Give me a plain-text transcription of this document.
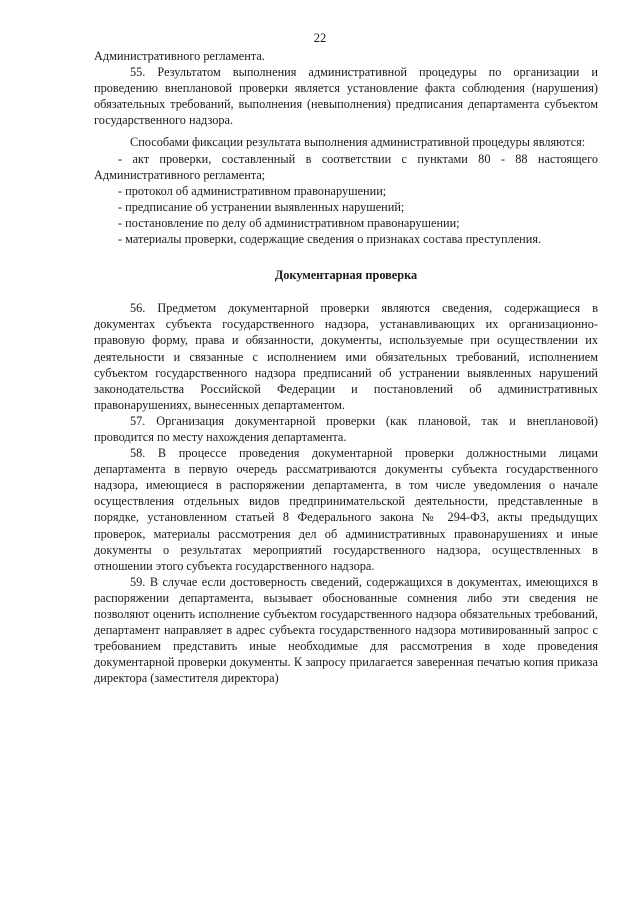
22

Административного регламента.

55. Результатом выполнения административной процедуры по организации и проведению внеплановой проверки является установление факта соблюдения (нарушения) обязательных требований, выполнения (невыполнения) предписания департамента субъектом государственного надзора.

Способами фиксации результата выполнения административной процедуры являются:

- акт проверки, составленный в соответствии с пунктами 80 - 88 настоящего Административного регламента;

- протокол об административном правонарушении;

- предписание об устранении выявленных нарушений;

- постановление по делу об административном правонарушении;

- материалы проверки, содержащие сведения о признаках состава преступления.

Документарная проверка

56. Предметом документарной проверки являются сведения, содержащиеся в документах субъекта государственного надзора, устанавливающих их организационно-правовую форму, права и обязанности, документы, используемые при осуществлении их деятельности и связанные с исполнением ими обязательных требований, исполнением субъектом государственного надзора предписаний об устранении выявленных нарушений законодательства Российской Федерации и постановлений об административных правонарушениях, вынесенных департаментом.

57. Организация документарной проверки (как плановой, так и внеплановой) проводится по месту нахождения департамента.

58. В процессе проведения документарной проверки должностными лицами департамента в первую очередь рассматриваются документы субъекта государственного надзора, имеющиеся в распоряжении департамента, в том числе уведомления о начале осуществления отдельных видов предпринимательской деятельности, представленные в порядке, установленном статьей 8 Федерального закона № 294-ФЗ, акты предыдущих проверок, материалы рассмотрения дел об административных правонарушениях и иные документы о результатах мероприятий государственного надзора, осуществленных в отношении этого субъекта государственного надзора.

59. В случае если достоверность сведений, содержащихся в документах, имеющихся в распоряжении департамента, вызывает обоснованные сомнения либо эти сведения не позволяют оценить исполнение субъектом государственного надзора обязательных требований, департамент направляет в адрес субъекта государственного надзора мотивированный запрос с требованием представить иные необходимые для рассмотрения в ходе проведения документарной проверки документы. К запросу прилагается заверенная печатью копия приказа директора (заместителя директора)
